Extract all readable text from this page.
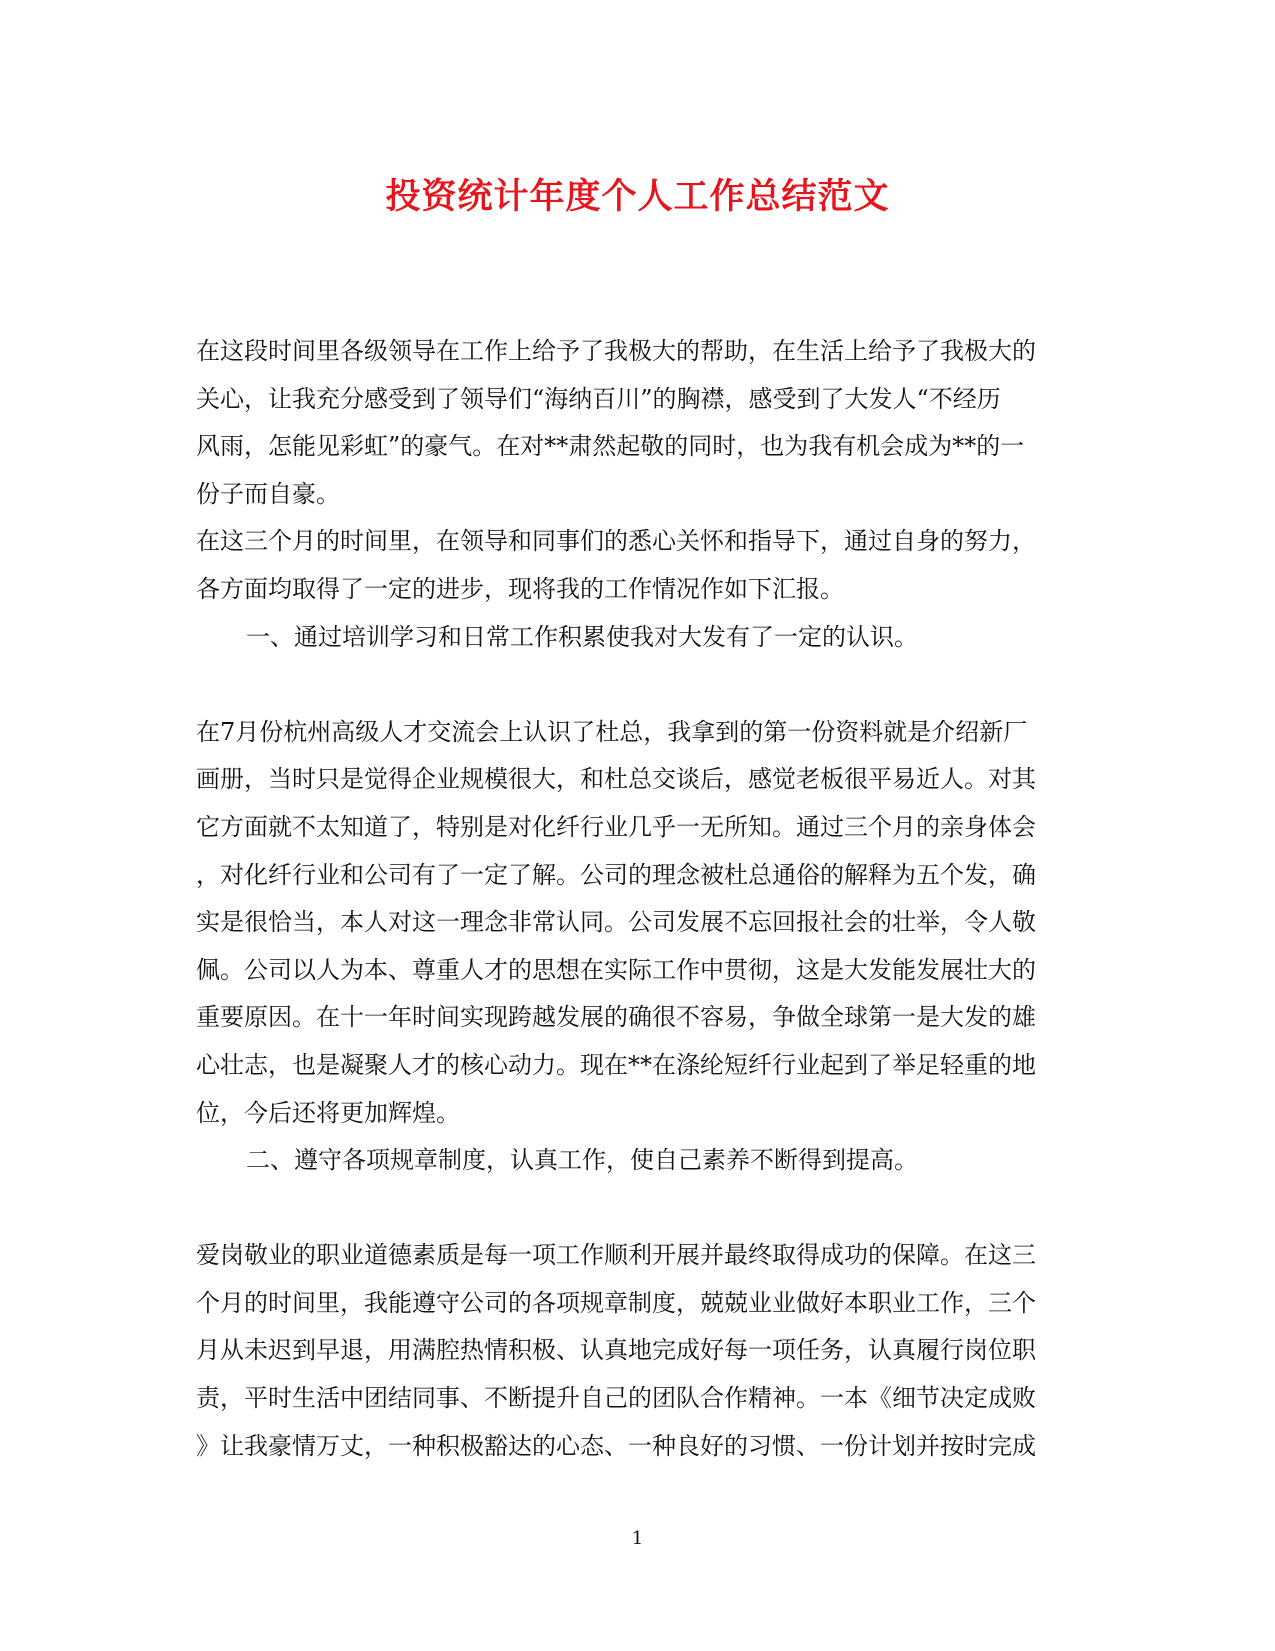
投资统计年度个人工作总结范文
在这段时间里各级领导在工作上给予了我极大的帮助，在生活上给予了我极大的
关心，让我充分感受到了领导们“海纳百川”的胸襟，感受到了大发人“不经历
风雨，怎能见彩虹”的豪气。在对**肃然起敬的同时，也为我有机会成为**的一
份子而自豪。
在这三个月的时间里，在领导和同事们的悉心关怀和指导下，通过自身的努力，
各方面均取得了一定的进步，现将我的工作情况作如下汇报。
一、通过培训学习和日常工作积累使我对大发有了一定的认识。
在7月份杭州高级人才交流会上认识了杜总，我拿到的第一份资料就是介绍新厂
画册，当时只是觉得企业规模很大，和杜总交谈后，感觉老板很平易近人。对其
它方面就不太知道了，特别是对化纤行业几乎一无所知。通过三个月的亲身体会
，对化纤行业和公司有了一定了解。公司的理念被杜总通俗的解释为五个发，确
实是很恰当，本人对这一理念非常认同。公司发展不忘回报社会的壮举，令人敬
佩。公司以人为本、尊重人才的思想在实际工作中贯彻，这是大发能发展壮大的
重要原因。在十一年时间实现跨越发展的确很不容易，争做全球第一是大发的雄
心壮志，也是凝聚人才的核心动力。现在**在涤纶短纤行业起到了举足轻重的地
位，今后还将更加辉煌。
二、遵守各项规章制度，认真工作，使自己素养不断得到提高。
爱岗敬业的职业道德素质是每一项工作顺利开展并最终取得成功的保障。在这三
个月的时间里，我能遵守公司的各项规章制度，兢兢业业做好本职业工作，三个
月从未迟到早退，用满腔热情积极、认真地完成好每一项任务，认真履行岗位职
责，平时生活中团结同事、不断提升自己的团队合作精神。一本《细节决定成败
》让我豪情万丈，一种积极豁达的心态、一种良好的习惯、一份计划并按时完成
1
